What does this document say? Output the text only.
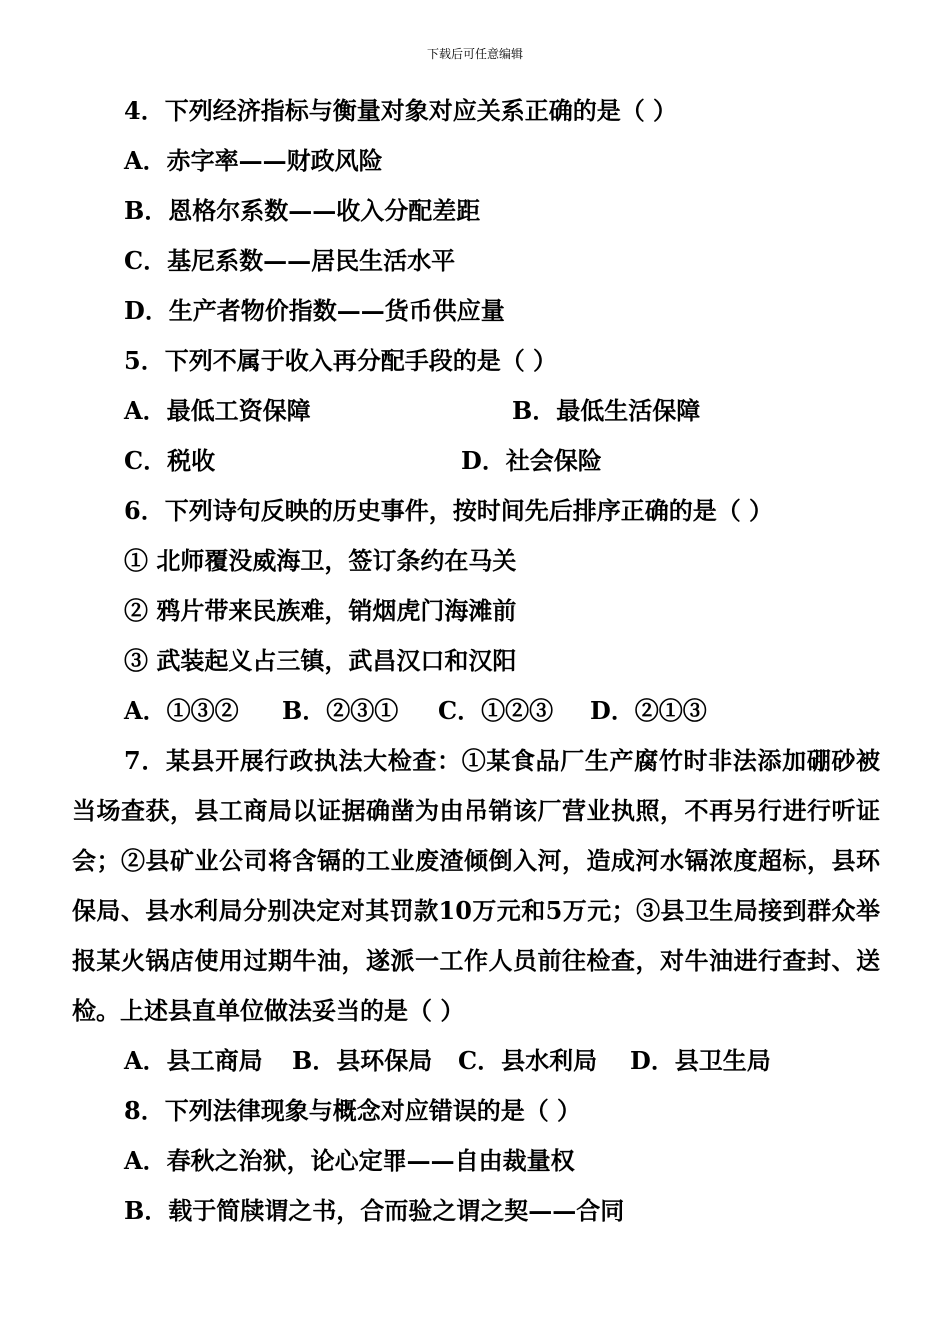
下载后可任意编辑
4．下列经济指标与衡量对象对应关系正确的是（ ）
A．赤字率——财政风险
B．恩格尔系数——收入分配差距
C．基尼系数——居民生活水平
D．生产者物价指数——货币供应量
5．下列不属于收入再分配手段的是（ ）
A．最低工资保障	B．最低生活保障
C．税收	D．社会保险
6．下列诗句反映的历史事件，按时间先后排序正确的是（ ）
① 北师覆没威海卫，签订条约在马关
② 鸦片带来民族难，销烟虎门海滩前
③ 武装起义占三镇，武昌汉口和汉阳
A．①③② B．②③① C．①②③ D．②①③

7．某县开展行政执法大检查：①某食品厂生产腐竹时非法添加硼砂被当场查获，县工商局以证据确凿为由吊销该厂营业执照，不再另行进行听证会；②县矿业公司将含镉的工业废渣倾倒入河，造成河水镉浓度超标，县环保局、县水利局分别决定对其罚款10万元和5万元；③县卫生局接到群众举报某火锅店使用过期牛油，遂派一工作人员前往检查，对牛油进行查封、送检。上述县直单位做法妥当的是（ ）

A．县工商局 B．县环保局 C．县水利局 D．县卫生局
8．下列法律现象与概念对应错误的是（ ）
A．春秋之治狱，论心定罪——自由裁量权
B．载于简牍谓之书，合而验之谓之契——合同
